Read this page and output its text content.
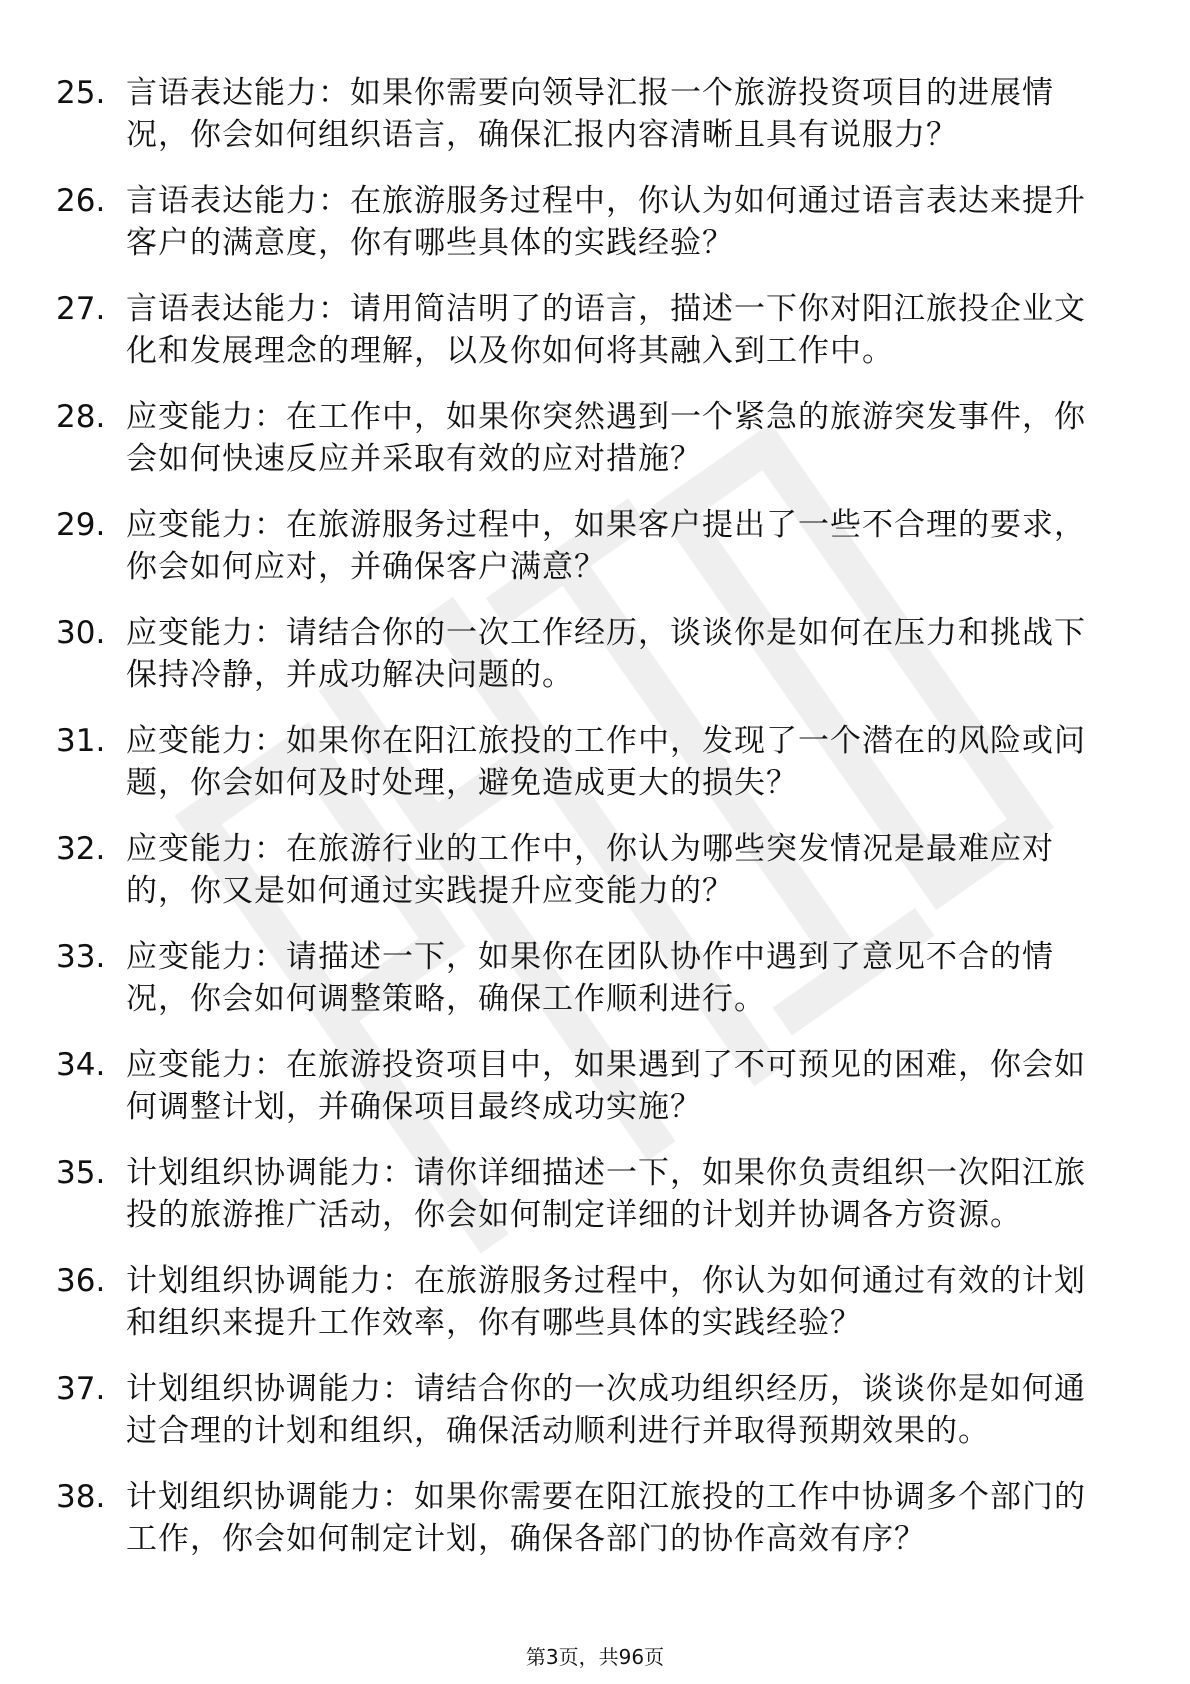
25. 言语表达能力：如果你需要向领导汇报一个旅游投资项目的进展情况，你会如何组织语言，确保汇报内容清晰且具有说服力？
26. 言语表达能力：在旅游服务过程中，你认为如何通过语言表达来提升客户的满意度，你有哪些具体的实践经验？
27. 言语表达能力：请用简洁明了的语言，描述一下你对阳江旅投企业文化和发展理念的理解，以及你如何将其融入到工作中。
28. 应变能力：在工作中，如果你突然遇到一个紧急的旅游突发事件，你会如何快速反应并采取有效的应对措施？
29. 应变能力：在旅游服务过程中，如果客户提出了一些不合理的要求，你会如何应对，并确保客户满意？
30. 应变能力：请结合你的一次工作经历，谈谈你是如何在压力和挑战下保持冷静，并成功解决问题的。
31. 应变能力：如果你在阳江旅投的工作中，发现了一个潜在的风险或问题，你会如何及时处理，避免造成更大的损失？
32. 应变能力：在旅游行业的工作中，你认为哪些突发情况是最难应对的，你又是如何通过实践提升应变能力的？
33. 应变能力：请描述一下，如果你在团队协作中遇到了意见不合的情况，你会如何调整策略，确保工作顺利进行。
34. 应变能力：在旅游投资项目中，如果遇到了不可预见的困难，你会如何调整计划，并确保项目最终成功实施？
35. 计划组织协调能力：请你详细描述一下，如果你负责组织一次阳江旅投的旅游推广活动，你会如何制定详细的计划并协调各方资源。
36. 计划组织协调能力：在旅游服务过程中，你认为如何通过有效的计划和组织来提升工作效率，你有哪些具体的实践经验？
37. 计划组织协调能力：请结合你的一次成功组织经历，谈谈你是如何通过合理的计划和组织，确保活动顺利进行并取得预期效果的。
38. 计划组织协调能力：如果你需要在阳江旅投的工作中协调多个部门的工作，你会如何制定计划，确保各部门的协作高效有序？
第3页，共96页
